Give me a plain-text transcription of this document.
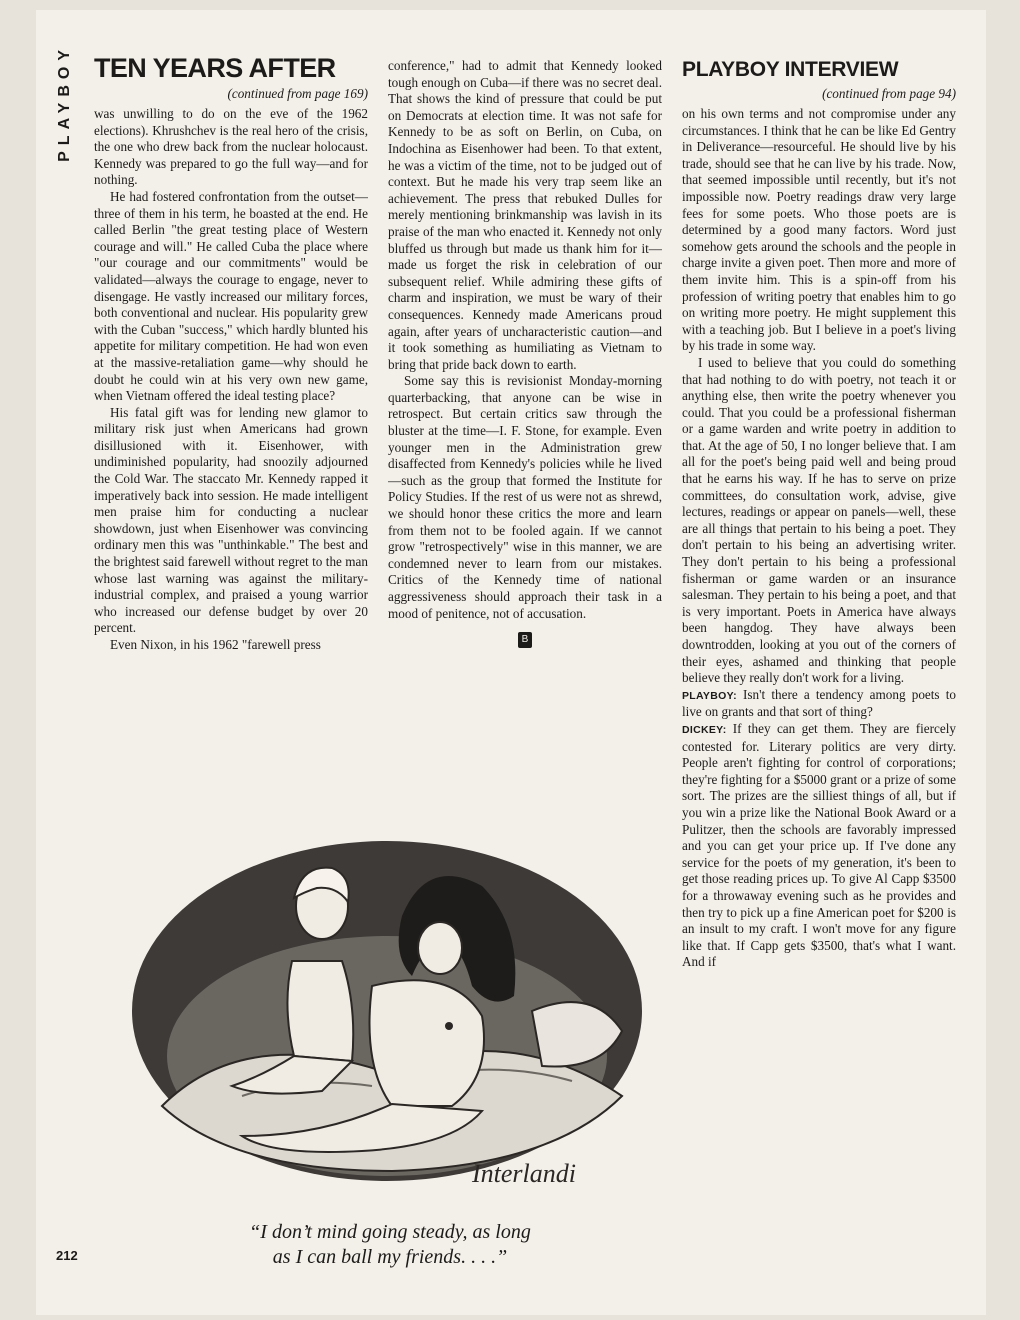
PLAYBOY TEN YEARS AFTER
(continued from page 169)

was unwilling to do on the eve of the 1962 elections). Khrushchev is the real hero of the crisis, the one who drew back from the nuclear holocaust. Kennedy was prepared to go the full way—and for nothing.

He had fostered confrontation from the outset—three of them in his term, he boasted at the end. He called Berlin "the great testing place of Western courage and will." He called Cuba the place where "our courage and our commitments" would be validated—always the courage to engage, never to disengage. He vastly increased our military forces, both conventional and nuclear. His popularity grew with the Cuban "success," which hardly blunted his appetite for military competition. He had won even at the massive-retaliation game—why should he doubt he could win at his very own new game, when Vietnam offered the ideal testing place?

His fatal gift was for lending new glamor to military risk just when Americans had grown disillusioned with it. Eisenhower, with undiminished popularity, had snoozily adjourned the Cold War. The staccato Mr. Kennedy rapped it imperatively back into session. He made intelligent men praise him for conducting a nuclear showdown, just when Eisenhower was convincing ordinary men this was "unthinkable." The best and the brightest said farewell without regret to the man whose last warning was against the military-industrial complex, and praised a young warrior who increased our defense budget by over 20 percent.

Even Nixon, in his 1962 "farewell press

conference," had to admit that Kennedy looked tough enough on Cuba—if there was no secret deal. That shows the kind of pressure that could be put on Democrats at election time. It was not safe for Kennedy to be as soft on Berlin, on Cuba, on Indochina as Eisenhower had been. To that extent, he was a victim of the time, not to be judged out of context. But he made his very trap seem like an achievement. The press that rebuked Dulles for merely mentioning brinkmanship was lavish in its praise of the man who enacted it. Kennedy not only bluffed us through but made us thank him for it—made us forget the risk in celebration of our subsequent relief. While admiring these gifts of charm and inspiration, we must be wary of their consequences. Kennedy made Americans proud again, after years of uncharacteristic caution—and it took something as humiliating as Vietnam to bring that pride back down to earth.

Some say this is revisionist Monday-morning quarterbacking, that anyone can be wise in retrospect. But certain critics saw through the bluster at the time—I. F. Stone, for example. Even younger men in the Administration grew disaffected from Kennedy's policies while he lived—such as the group that formed the Institute for Policy Studies. If the rest of us were not as shrewd, we should honor these critics the more and learn from them not to be fooled again. If we cannot grow "retrospectively" wise in this manner, we are condemned never to learn from our mistakes. Critics of the Kennedy time of national aggressiveness should approach their task in a mood of penitence, not of accusation.

B
PLAYBOY INTERVIEW
(continued from page 94)

on his own terms and not compromise under any circumstances. I think that he can be like Ed Gentry in Deliverance—resourceful. He should live by his trade, should see that he can live by his trade. Now, that seemed impossible until recently, but it's not impossible now. Poetry readings draw very large fees for some poets. Who those poets are is determined by a good many factors. Word just somehow gets around the schools and the people in charge invite a given poet. Then more and more of them invite him. This is a spin-off from his profession of writing poetry that enables him to go on writing more poetry. He might supplement this with a teaching job. But I believe in a poet's living by his trade in some way.

I used to believe that you could do something that had nothing to do with poetry, not teach it or anything else, then write the poetry whenever you could. That you could be a professional fisherman or a game warden and write poetry in addition to that. At the age of 50, I no longer believe that. I am all for the poet's being paid well and being proud that he earns his way. If he has to serve on prize committees, do consultation work, advise, give lectures, readings or appear on panels—well, these are all things that pertain to his being a poet. They don't pertain to his being an advertising writer. They don't pertain to his being a professional fisherman or game warden or an insurance salesman. They pertain to his being a poet, and that is very important. Poets in America have always been hangdog. They have always been downtrodden, looking at you out of the corners of their eyes, ashamed and thinking that people believe they really don't work for a living.

PLAYBOY: Isn't there a tendency among poets to live on grants and that sort of thing?

DICKEY: If they can get them. They are fiercely contested for. Literary politics are very dirty. People aren't fighting for control of corporations; they're fighting for a $5000 grant or a prize of some sort. The prizes are the silliest things of all, but if you win a prize like the National Book Award or a Pulitzer, then the schools are favorably impressed and you can get your price up. If I've done any service for the poets of my generation, it's been to get those reading prices up. To give Al Capp $3500 for a throwaway evening such as he provides and then try to pick up a fine American poet for $200 is an insult to my craft. I won't move for any figure like that. If Capp gets $3500, that's what I want. And if

Interlandi
“I don’t mind going steady, as long
as I can ball my friends. . . .”
212
